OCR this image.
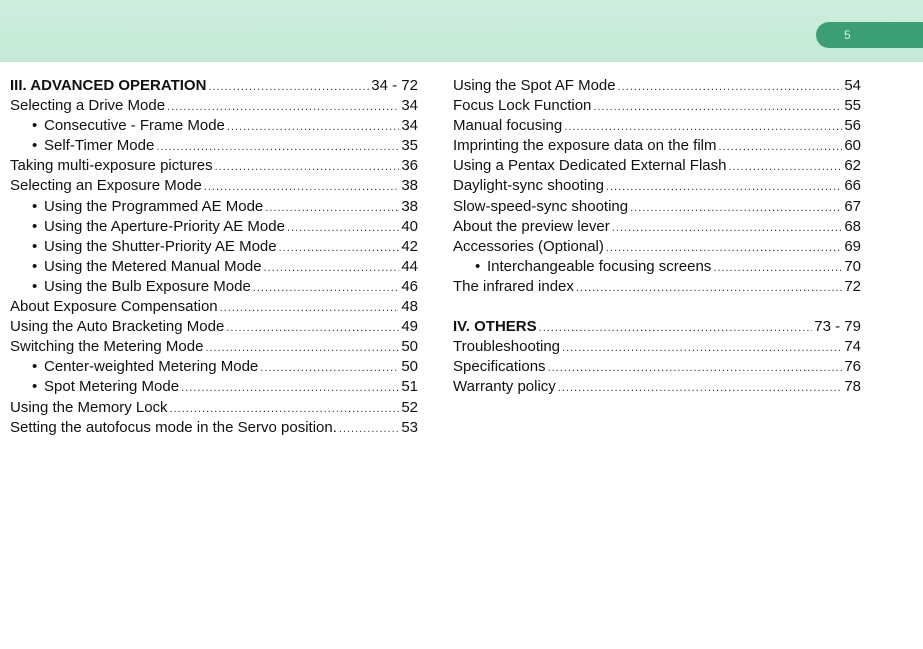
5
III. ADVANCED OPERATION .....	34 - 72
Selecting a Drive Mode .....	34
• Consecutive - Frame Mode .....	34
• Self-Timer Mode .....	35
Taking multi-exposure pictures .....	36
Selecting an Exposure Mode .....	38
• Using the Programmed AE Mode .....	38
• Using the Aperture-Priority AE Mode .....	40
• Using the Shutter-Priority AE Mode .....	42
• Using the Metered Manual Mode .....	44
• Using the Bulb Exposure Mode .....	46
About Exposure Compensation .....	48
Using the Auto Bracketing Mode .....	49
Switching the Metering Mode .....	50
• Center-weighted Metering Mode .....	50
• Spot Metering Mode .....	51
Using the Memory Lock .....	52
Setting the autofocus mode in the Servo position. .....	53
Using the Spot AF Mode .....	54
Focus Lock Function .....	55
Manual focusing .....	56
Imprinting the exposure data on the film .....	60
Using a Pentax Dedicated External Flash .....	62
Daylight-sync shooting .....	66
Slow-speed-sync shooting .....	67
About the preview lever .....	68
Accessories (Optional) .....	69
• Interchangeable focusing screens .....	70
The infrared index .....	72
IV. OTHERS .....	73 - 79
Troubleshooting .....	74
Specifications .....	76
Warranty policy .....	78
